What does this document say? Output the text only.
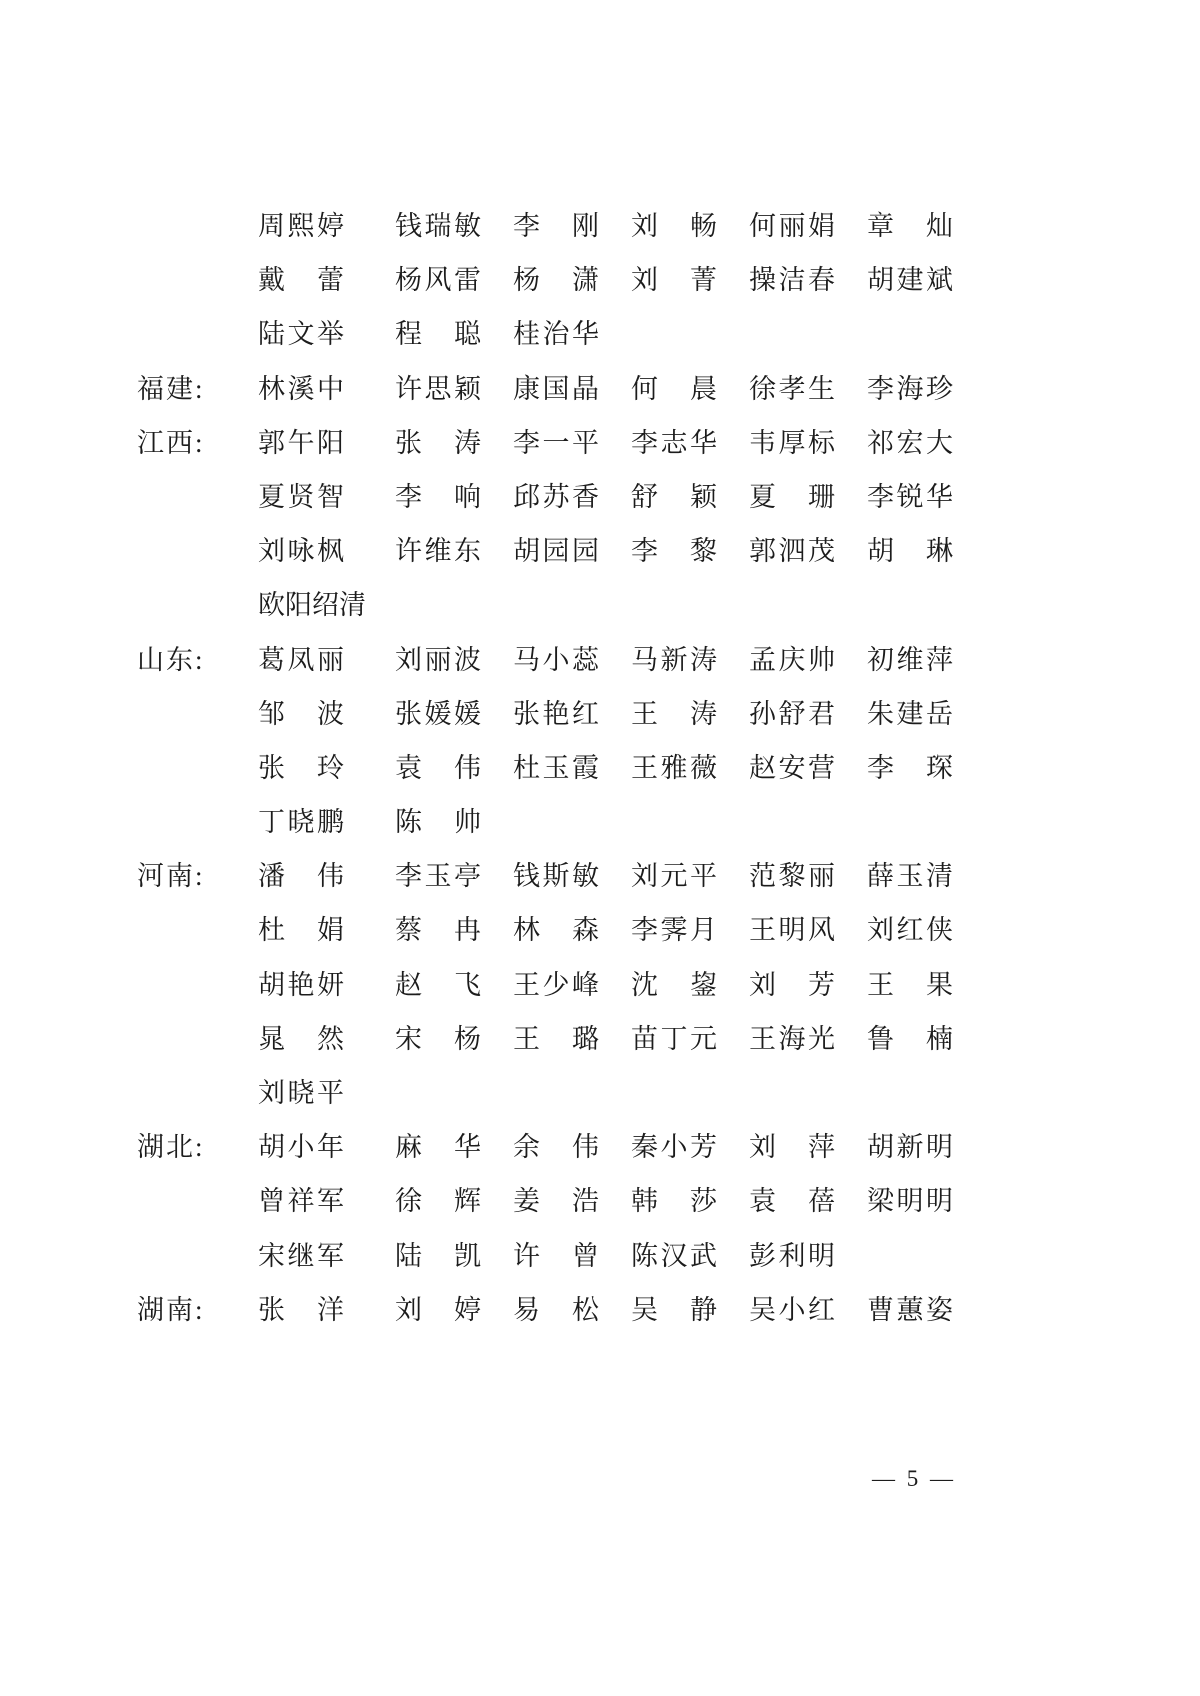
周熙婷 钱瑞敏 李刚 刘畅 何丽娟 章灿
戴蕾 杨风雷 杨潇 刘菁 操洁春 胡建斌
陆文举 程聪 桂治华
福建:	林溪中 许思颖 康国晶 何晨 徐孝生 李海珍
江西:	郭午阳 张涛 李一平 李志华 韦厚标 祁宏大
夏贤智 李响 邱苏香 舒颖 夏珊 李锐华
刘咏枫 许维东 胡园园 李黎 郭泗茂 胡琳
欧阳绍清
山东:	葛凤丽 刘丽波 马小蕊 马新涛 孟庆帅 初维萍
邹波 张媛媛 张艳红 王涛 孙舒君 朱建岳
张玲 袁伟 杜玉霞 王雅薇 赵安营 李琛
丁晓鹏 陈帅
河南:	潘伟 李玉亭 钱斯敏 刘元平 范黎丽 薛玉清
杜娟 蔡冉 林森 李霁月 王明风 刘红侠
胡艳妍 赵飞 王少峰 沈鋆 刘芳 王果
晁然 宋杨 王璐 苗丁元 王海光 鲁楠
刘晓平
湖北:	胡小年 麻华 余伟 秦小芳 刘萍 胡新明
曾祥军 徐辉 姜浩 韩莎 袁蓓 梁明明
宋继军 陆凯 许曾 陈汉武 彭利明
湖南:	张洋 刘婷 易松 吴静 吴小红 曹蕙姿
— 5 —
